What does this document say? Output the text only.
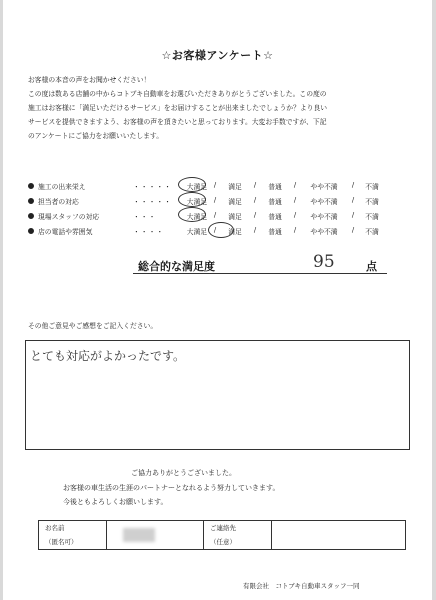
☆お客様アンケート☆
お客様の本音の声をお聞かせください！
この度は数ある店舗の中からコトブキ自動車をお選びいただきありがとうございました。この度の
施工はお客様に「満足いただけるサービス」をお届けすることが出来ましたでしょうか？より良い
サービスを提供できますよう、お客様の声を頂きたいと思っております。大変お手数ですが、下記
のアンケートにご協力をお願いいたします。
施工の出来栄え	・・・・・	大満足 /	満足	/	普通	/	やや不満	/	不満
担当者の対応	・・・・・	大満足 /	満足	/	普通	/	やや不満	/	不満
現場スタッフの対応	・・・	大満足 /	満足	/	普通	/	やや不満	/	不満
店の電話や雰囲気	・・・・	大満足 /	満足	/	普通	/	やや不満	/	不満
総合的な満足度	95	点
その他ご意見やご感想をご記入ください。
とても対応がよかったです。
ご協力ありがとうございました。
お客様の車生活の生涯のパートナーとなれるよう努力していきます。
今後ともよろしくお願いします。
お名前
（匿名可）
ご連絡先
（任意）
有限会社　コトブキ自動車スタッフ一同
